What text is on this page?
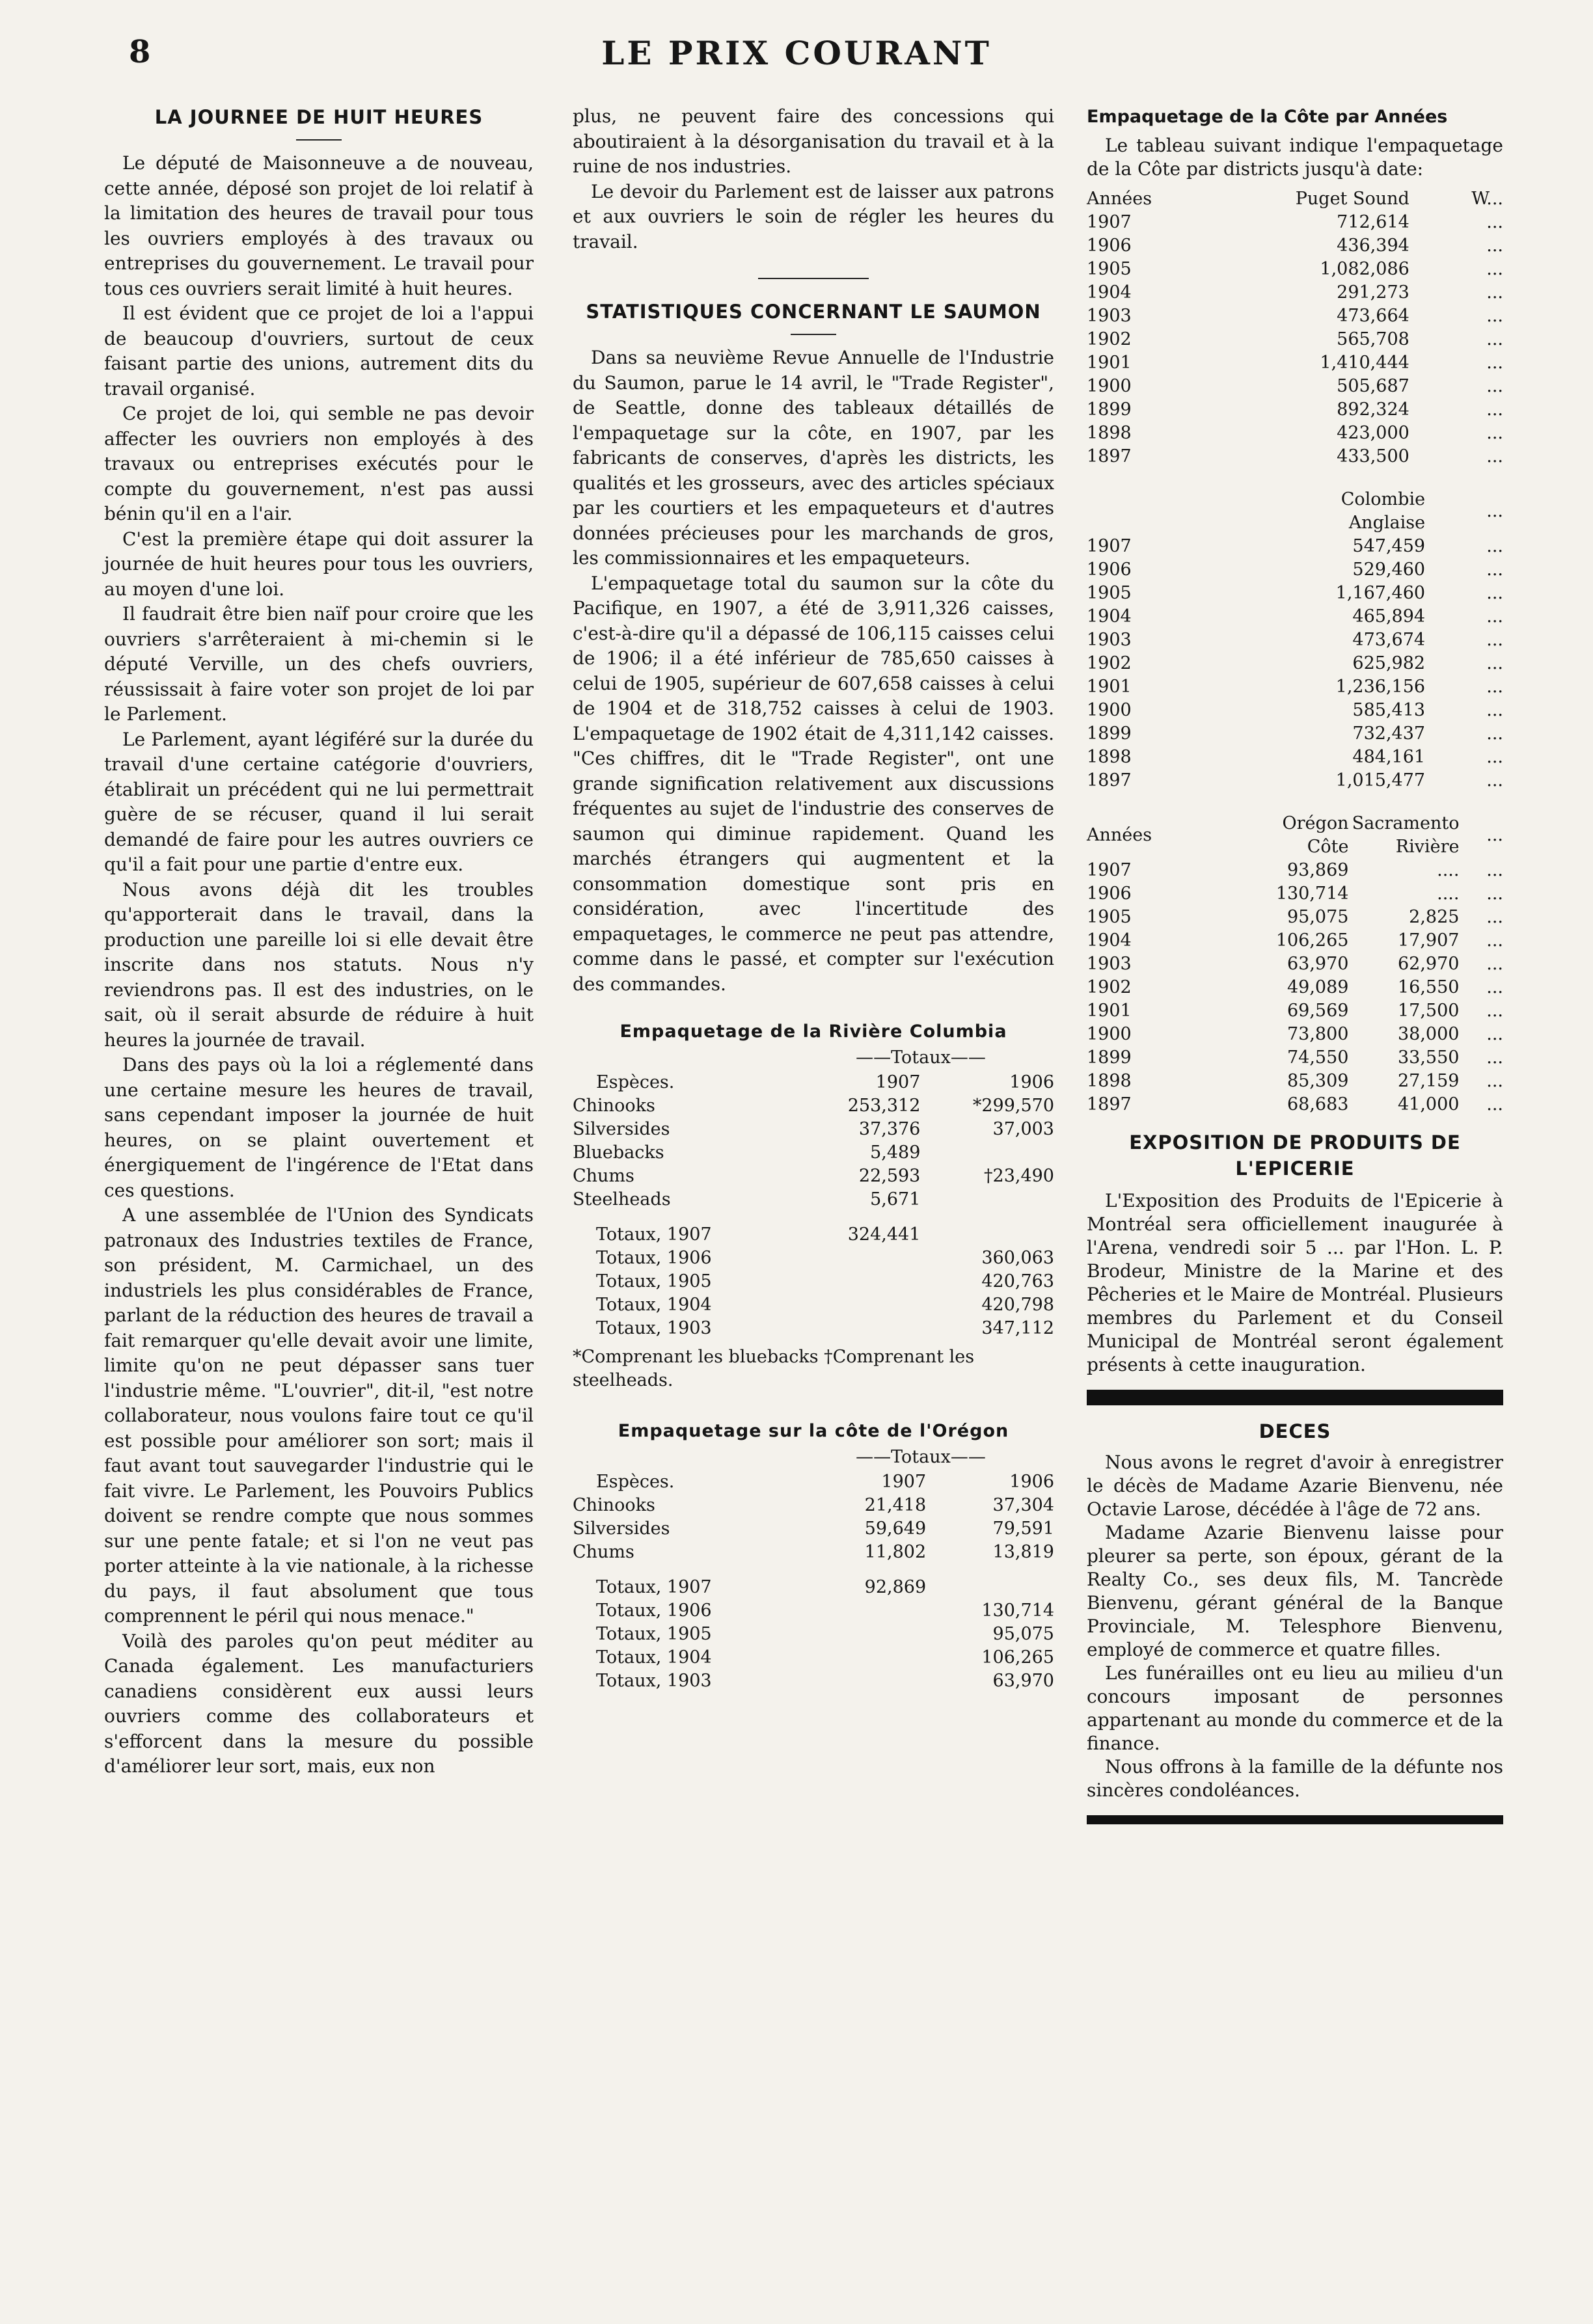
8	LE PRIX COURANT
LA JOURNEE DE HUIT HEURES

Le député de Maisonneuve a de nouveau, cette année, déposé son projet de loi relatif à la limitation des heures de travail pour tous les ouvriers employés à des travaux ou entreprises du gouvernement. Le travail pour tous ces ouvriers serait limité à huit heures.

Il est évident que ce projet de loi a l'appui de beaucoup d'ouvriers, surtout de ceux faisant partie des unions, autrement dits du travail organisé.

Ce projet de loi, qui semble ne pas devoir affecter les ouvriers non employés à des travaux ou entreprises exécutés pour le compte du gouvernement, n'est pas aussi bénin qu'il en a l'air.

C'est la première étape qui doit assurer la journée de huit heures pour tous les ouvriers, au moyen d'une loi.

Il faudrait être bien naïf pour croire que les ouvriers s'arrêteraient à mi-chemin si le député Verville, un des chefs ouvriers, réussissait à faire voter son projet de loi par le Parlement.

Le Parlement, ayant légiféré sur la durée du travail d'une certaine catégorie d'ouvriers, établirait un précédent qui ne lui permettrait guère de se récuser, quand il lui serait demandé de faire pour les autres ouvriers ce qu'il a fait pour une partie d'entre eux.

Nous avons déjà dit les troubles qu'apporterait dans le travail, dans la production une pareille loi si elle devait être inscrite dans nos statuts. Nous n'y reviendrons pas. Il est des industries, on le sait, où il serait absurde de réduire à huit heures la journée de travail.

Dans des pays où la loi a réglementé dans une certaine mesure les heures de travail, sans cependant imposer la journée de huit heures, on se plaint ouvertement et énergiquement de l'ingérence de l'Etat dans ces questions.

A une assemblée de l'Union des Syndicats patronaux des Industries textiles de France, son président, M. Carmichael, un des industriels les plus considérables de France, parlant de la réduction des heures de travail a fait remarquer qu'elle devait avoir une limite, limite qu'on ne peut dépasser sans tuer l'industrie même. "L'ouvrier", dit-il, "est notre collaborateur, nous voulons faire tout ce qu'il est possible pour améliorer son sort; mais il faut avant tout sauvegarder l'industrie qui le fait vivre. Le Parlement, les Pouvoirs Publics doivent se rendre compte que nous sommes sur une pente fatale; et si l'on ne veut pas porter atteinte à la vie nationale, à la richesse du pays, il faut absolument que tous comprennent le péril qui nous menace."

Voilà des paroles qu'on peut méditer au Canada également. Les manufacturiers canadiens considèrent eux aussi leurs ouvriers comme des collaborateurs et s'efforcent dans la mesure du possible d'améliorer leur sort, mais, eux non

plus, ne peuvent faire des concessions qui aboutiraient à la désorganisation du travail et à la ruine de nos industries.

Le devoir du Parlement est de laisser aux patrons et aux ouvriers le soin de régler les heures du travail.

STATISTIQUES CONCERNANT LE SAUMON

Dans sa neuvième Revue Annuelle de l'Industrie du Saumon, parue le 14 avril, le "Trade Register", de Seattle, donne des tableaux détaillés de l'empaquetage sur la côte, en 1907, par les fabricants de conserves, d'après les districts, les qualités et les grosseurs, avec des articles spéciaux par les courtiers et les empaqueteurs et d'autres données précieuses pour les marchands de gros, les commissionnaires et les empaqueteurs.

L'empaquetage total du saumon sur la côte du Pacifique, en 1907, a été de 3,911,326 caisses, c'est-à-dire qu'il a dépassé de 106,115 caisses celui de 1906; il a été inférieur de 785,650 caisses à celui de 1905, supérieur de 607,658 caisses à celui de 1904 et de 318,752 caisses à celui de 1903. L'empaquetage de 1902 était de 4,311,142 caisses. "Ces chiffres, dit le "Trade Register", ont une grande signification relativement aux discussions fréquentes au sujet de l'industrie des conserves de saumon qui diminue rapidement. Quand les marchés étrangers qui augmentent et la consommation domestique sont pris en considération, avec l'incertitude des empaquetages, le commerce ne peut pas attendre, comme dans le passé, et compter sur l'exécution des commandes.

Empaquetage de la Rivière Columbia
——Totaux——
Espèces.	1907	1906
Chinooks	253,312	*299,570
Silversides	37,376	37,003
Bluebacks	5,489	
Chums	22,593	†23,490
Steelheads	5,671	

Totaux, 1907	324,441	
Totaux, 1906		360,063
Totaux, 1905		420,763
Totaux, 1904		420,798
Totaux, 1903		347,112
*Comprenant les bluebacks †Comprenant les steelheads.
Empaquetage sur la côte de l'Orégon
——Totaux——
Espèces.	1907	1906
Chinooks	21,418	37,304
Silversides	59,649	79,591
Chums	11,802	13,819

Totaux, 1907	92,869	
Totaux, 1906		130,714
Totaux, 1905		95,075
Totaux, 1904		106,265
Totaux, 1903		63,970
Empaquetage de la Côte par Années

Le tableau suivant indique l'empaquetage de la Côte par districts jusqu'à date:

Années	Puget Sound	W...
1907	712,614	...
1906	436,394	...
1905	1,082,086	...
1904	291,273	...
1903	473,664	...
1902	565,708	...
1901	1,410,444	...
1900	505,687	...
1899	892,324	...
1898	423,000	...
1897	433,500	...
	Colombie Anglaise	...
1907	547,459	...
1906	529,460	...
1905	1,167,460	...
1904	465,894	...
1903	473,674	...
1902	625,982	...
1901	1,236,156	...
1900	585,413	...
1899	732,437	...
1898	484,161	...
1897	1,015,477	...
Années	Orégon Côte	Sacramento Rivière	...
1907	93,869	....	...
1906	130,714	....	...
1905	95,075	2,825	...
1904	106,265	17,907	...
1903	63,970	62,970	...
1902	49,089	16,550	...
1901	69,569	17,500	...
1900	73,800	38,000	...
1899	74,550	33,550	...
1898	85,309	27,159	...
1897	68,683	41,000	...
EXPOSITION DE PRODUITS DE L'EPICERIE

L'Exposition des Produits de l'Epicerie à Montréal sera officiellement inaugurée à l'Arena, vendredi soir 5 ... par l'Hon. L. P. Brodeur, Ministre de la Marine et des Pêcheries et le Maire de Montréal. Plusieurs membres du Parlement et du Conseil Municipal de Montréal seront également présents à cette inauguration.

DECES

Nous avons le regret d'avoir à enregistrer le décès de Madame Azarie Bienvenu, née Octavie Larose, décédée à l'âge de 72 ans.

Madame Azarie Bienvenu laisse pour pleurer sa perte, son époux, gérant de la Realty Co., ses deux fils, M. Tancrède Bienvenu, gérant général de la Banque Provinciale, M. Telesphore Bienvenu, employé de commerce et quatre filles.

Les funérailles ont eu lieu au milieu d'un concours imposant de personnes appartenant au monde du commerce et de la finance.

Nous offrons à la famille de la défunte nos sincères condoléances.
